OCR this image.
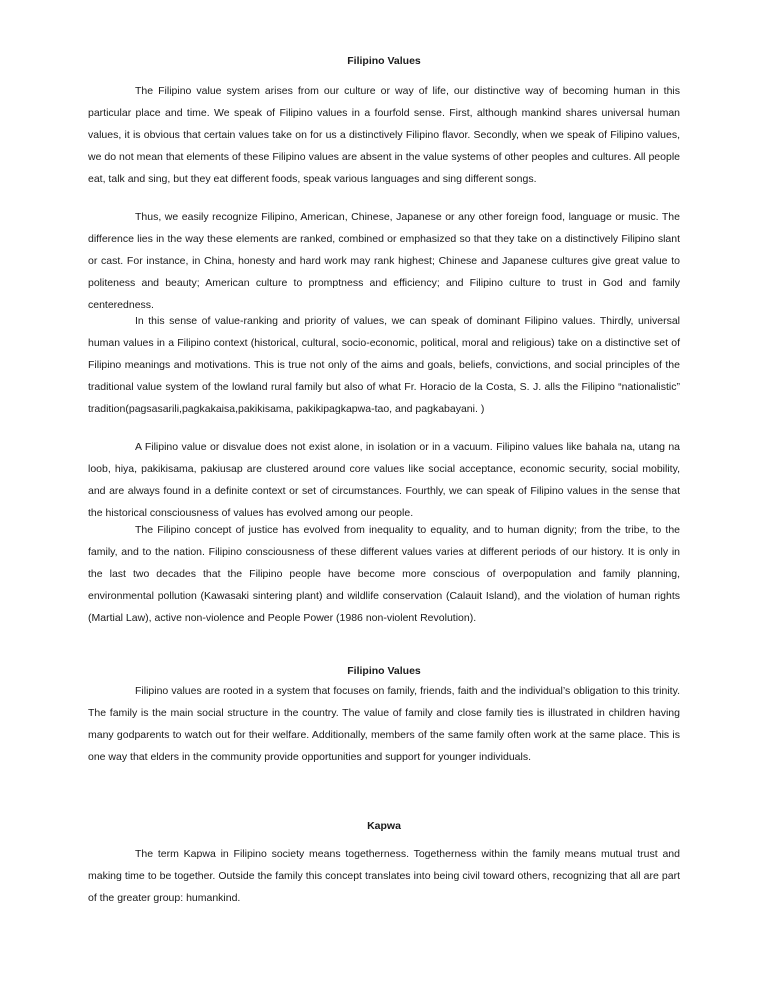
Filipino Values

The Filipino value system arises from our culture or way of life, our distinctive way of becoming human in this particular place and time. We speak of Filipino values in a fourfold sense. First, although mankind shares universal human values, it is obvious that certain values take on for us a distinctively Filipino flavor. Secondly, when we speak of Filipino values, we do not mean that elements of these Filipino values are absent in the value systems of other peoples and cultures. All people eat, talk and sing, but they eat different foods, speak various languages and sing different songs.

Thus, we easily recognize Filipino, American, Chinese, Japanese or any other foreign food, language or music. The difference lies in the way these elements are ranked, combined or emphasized so that they take on a distinctively Filipino slant or cast. For instance, in China, honesty and hard work may rank highest; Chinese and Japanese cultures give great value to politeness and beauty; American culture to promptness and efficiency; and Filipino culture to trust in God and family centeredness.

In this sense of value-ranking and priority of values, we can speak of dominant Filipino values. Thirdly, universal human values in a Filipino context (historical, cultural, socio-economic, political, moral and religious) take on a distinctive set of Filipino meanings and motivations. This is true not only of the aims and goals, beliefs, convictions, and social principles of the traditional value system of the lowland rural family but also of what Fr. Horacio de la Costa, S. J. alls the Filipino “nationalistic” tradition(pagsasarili,pagkakaisa,pakikisama, pakikipagkapwa-tao, and pagkabayani. )

A Filipino value or disvalue does not exist alone, in isolation or in a vacuum. Filipino values like bahala na, utang na loob, hiya, pakikisama, pakiusap are clustered around core values like social acceptance, economic security, social mobility, and are always found in a definite context or set of circumstances. Fourthly, we can speak of Filipino values in the sense that the historical consciousness of values has evolved among our people.

The Filipino concept of justice has evolved from inequality to equality, and to human dignity; from the tribe, to the family, and to the nation. Filipino consciousness of these different values varies at different periods of our history. It is only in the last two decades that the Filipino people have become more conscious of overpopulation and family planning, environmental pollution (Kawasaki sintering plant) and wildlife conservation (Calauit Island), and the violation of human rights (Martial Law), active non-violence and People Power (1986 non-violent Revolution).

Filipino Values

Filipino values are rooted in a system that focuses on family, friends, faith and the individual’s obligation to this trinity. The family is the main social structure in the country. The value of family and close family ties is illustrated in children having many godparents to watch out for their welfare. Additionally, members of the same family often work at the same place. This is one way that elders in the community provide opportunities and support for younger individuals.

Kapwa

The term Kapwa in Filipino society means togetherness. Togetherness within the family means mutual trust and making time to be together. Outside the family this concept translates into being civil toward others, recognizing that all are part of the greater group: humankind.
